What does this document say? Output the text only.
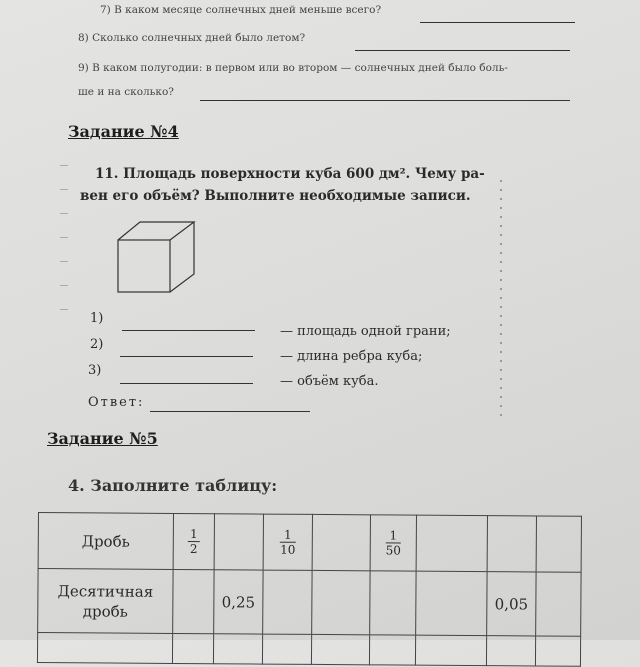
7) В каком месяце солнечных дней меньше всего?
8) Сколько солнечных дней было летом?
9) В каком полугодии: в первом или во втором — солнечных дней было боль-
ше и на сколько?
Задание №4
11. Площадь поверхности куба 600 дм². Чему ра-
вен его объём? Выполните необходимые записи.
1)
— площадь одной грани;
2)
— длина ребра куба;
3)
— объём куба.
Ответ:
Задание №5
4. Заполните таблицу:
Дробь	$\frac{1}{2}$		$\frac{1}{10}$		$\frac{1}{50}$

Десятичная дробь		0,25					0,05	
